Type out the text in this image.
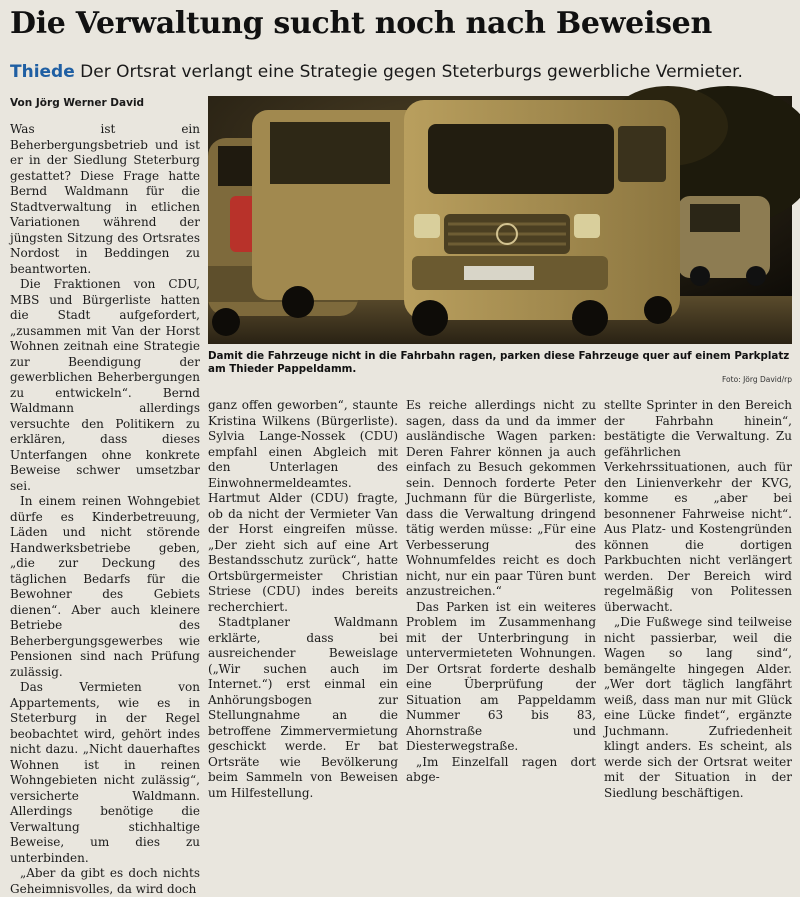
Die Verwaltung sucht noch nach Beweisen
Thiede Der Ortsrat verlangt eine Strategie gegen Steterburgs gewerbliche Vermieter.
Von Jörg Werner David
Damit die Fahrzeuge nicht in die Fahrbahn ragen, parken diese Fahrzeuge quer auf einem Parkplatz am Thieder Pappeldamm.
Foto: Jörg David/rp

Was ist ein Beherbergungsbetrieb und ist er in der Siedlung Steterburg gestattet? Diese Frage hatte Bernd Waldmann für die Stadtverwaltung in etlichen Variationen während der jüngsten Sitzung des Ortsrates Nordost in Beddingen zu beantworten.

Die Fraktionen von CDU, MBS und Bürgerliste hatten die Stadt aufgefordert, „zusammen mit Van der Horst Wohnen zeitnah eine Strategie zur Beendigung der gewerblichen Beherbergungen zu entwickeln“. Bernd Waldmann allerdings versuchte den Politikern zu erklären, dass dieses Unterfangen ohne konkrete Beweise schwer umsetzbar sei.

In einem reinen Wohngebiet dürfe es Kinderbetreuung, Läden und nicht störende Handwerksbetriebe geben, „die zur Deckung des täglichen Bedarfs für die Bewohner des Gebiets dienen“. Aber auch kleinere Betriebe des Beherbergungsgewerbes wie Pensionen sind nach Prüfung zulässig.

Das Vermieten von Appartements, wie es in Steterburg in der Regel beobachtet wird, gehört indes nicht dazu. „Nicht dauerhaftes Wohnen ist in reinen Wohngebieten nicht zulässig“, versicherte Waldmann. Allerdings benötige die Verwaltung stichhaltige Beweise, um dies zu unterbinden.

„Aber da gibt es doch nichts Geheimnisvolles, da wird doch

ganz offen geworben“, staunte Kristina Wilkens (Bürgerliste). Sylvia Lange-Nossek (CDU) empfahl einen Abgleich mit den Unterlagen des Einwohnermeldeamtes. Hartmut Alder (CDU) fragte, ob da nicht der Vermieter Van der Horst eingreifen müsse. „Der zieht sich auf eine Art Bestandsschutz zurück“, hatte Ortsbürgermeister Christian Striese (CDU) indes bereits recherchiert.

Stadtplaner Waldmann erklärte, dass bei ausreichender Beweislage („Wir suchen auch im Internet.“) erst einmal ein Anhörungsbogen zur Stellungnahme an die betroffene Zimmervermietung geschickt werde. Er bat Ortsräte wie Bevölkerung beim Sammeln von Beweisen um Hilfestellung.

Es reiche allerdings nicht zu sagen, dass da und da immer ausländische Wagen parken: Deren Fahrer können ja auch einfach zu Besuch gekommen sein. Dennoch forderte Peter Juchmann für die Bürgerliste, dass die Verwaltung dringend tätig werden müsse: „Für eine Verbesserung des Wohnumfeldes reicht es doch nicht, nur ein paar Türen bunt anzustreichen.“

Das Parken ist ein weiteres Problem im Zusammenhang mit der Unterbringung in untervermieteten Wohnungen. Der Ortsrat forderte deshalb eine Überprüfung der Situation am Pappeldamm Nummer 63 bis 83, Ahornstraße und Diesterwegstraße.

„Im Einzelfall ragen dort abge-

stellte Sprinter in den Bereich der Fahrbahn hinein“, bestätigte die Verwaltung. Zu gefährlichen Verkehrssituationen, auch für den Linienverkehr der KVG, komme es „aber bei besonnener Fahrweise nicht“. Aus Platz- und Kostengründen können die dortigen Parkbuchten nicht verlängert werden. Der Bereich wird regelmäßig von Politessen überwacht.

„Die Fußwege sind teilweise nicht passierbar, weil die Wagen so lang sind“, bemängelte hingegen Alder. „Wer dort täglich langfährt weiß, dass man nur mit Glück eine Lücke findet“, ergänzte Juchmann. Zufriedenheit klingt anders. Es scheint, als werde sich der Ortsrat weiter mit der Situation in der Siedlung beschäftigen.
